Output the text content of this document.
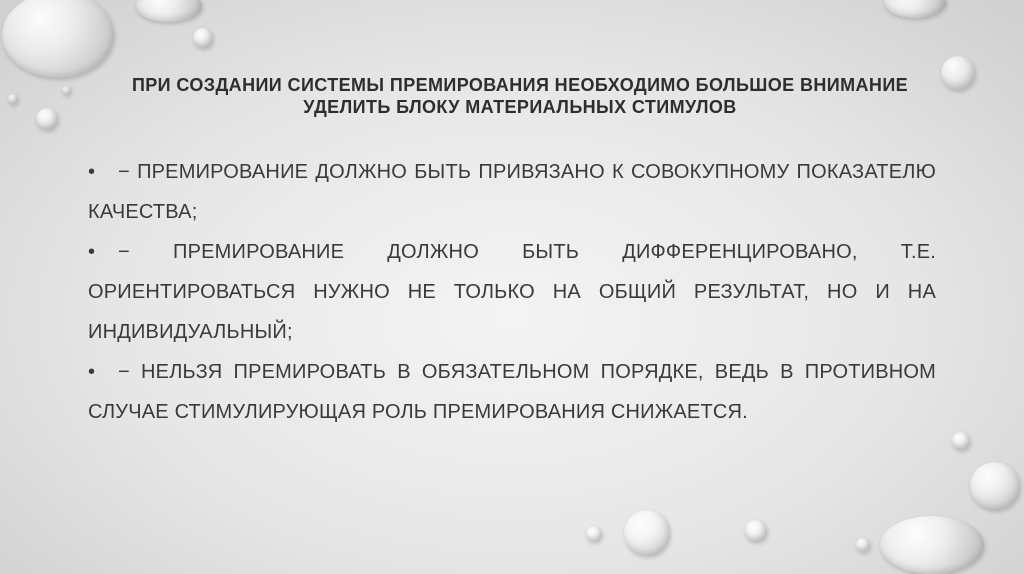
ПРИ СОЗДАНИИ СИСТЕМЫ ПРЕМИРОВАНИЯ НЕОБХОДИМО БОЛЬШОЕ ВНИМАНИЕ УДЕЛИТЬ БЛОКУ МАТЕРИАЛЬНЫХ СТИМУЛОВ
• − ПРЕМИРОВАНИЕ ДОЛЖНО БЫТЬ ПРИВЯЗАНО К СОВОКУПНОМУ ПОКАЗАТЕЛЮ КАЧЕСТВА;
• − ПРЕМИРОВАНИЕ ДОЛЖНО БЫТЬ ДИФФЕРЕНЦИРОВАНО, Т.Е. ОРИЕНТИРОВАТЬСЯ НУЖНО НЕ ТОЛЬКО НА ОБЩИЙ РЕЗУЛЬТАТ, НО И НА ИНДИВИДУАЛЬНЫЙ;
• − НЕЛЬЗЯ ПРЕМИРОВАТЬ В ОБЯЗАТЕЛЬНОМ ПОРЯДКЕ, ВЕДЬ В ПРОТИВНОМ СЛУЧАЕ СТИМУЛИРУЮЩАЯ РОЛЬ ПРЕМИРОВАНИЯ СНИЖАЕТСЯ.
